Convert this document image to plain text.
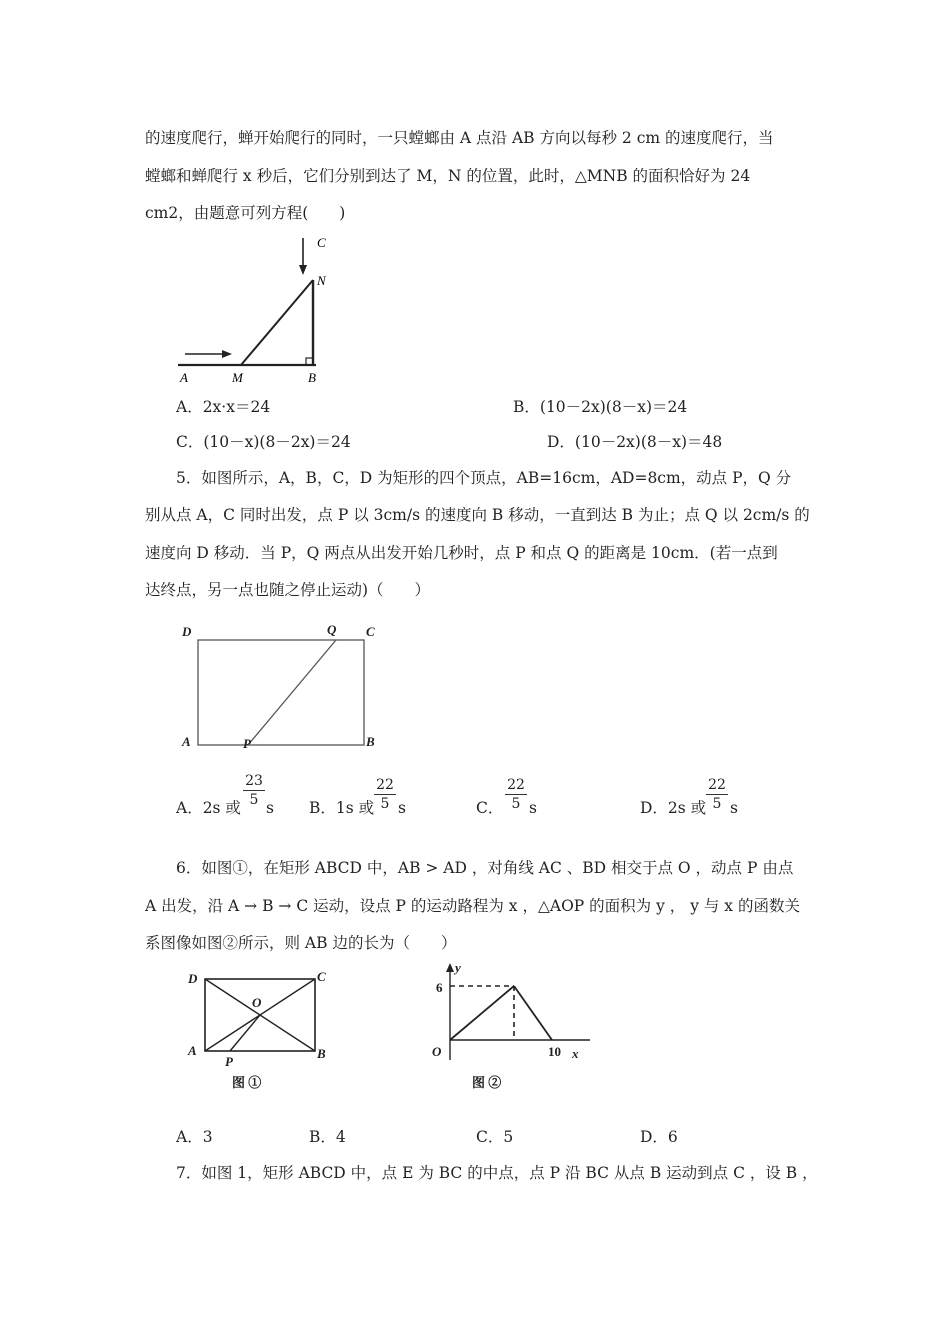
的速度爬行，蝉开始爬行的同时，一只螳螂由 A 点沿 AB 方向以每秒 2 cm 的速度爬行，当
螳螂和蝉爬行 x 秒后，它们分别到达了 M，N 的位置，此时，△MNB 的面积恰好为 24
cm2，由题意可列方程(　　)
A	M	B
N
C
A．2x·x＝24	B．(10－2x)(8－x)＝24
C．(10－x)(8－2x)＝24	D．(10－2x)(8－x)＝48
5．如图所示，A，B，C，D 为矩形的四个顶点，AB=16cm，AD=8cm，动点 P，Q 分
别从点 A，C 同时出发，点 P 以 3cm/s 的速度向 B 移动，一直到达 B 为止；点 Q 以 2cm/s 的
速度向 D 移动．当 P，Q 两点从出发开始几秒时，点 P 和点 Q 的距离是 10cm．(若一点到
达终点，另一点也随之停止运动)（　　）
D	Q C
A	P	B
A．2s 或 $\frac{23}{5}$ s B．1s 或 $\frac{22}{5}$ s	C． $\frac{22}{5}$ s	D．2s 或 $\frac{22}{5}$ s
6．如图①，在矩形 ABCD 中，AB > AD ，对角线 AC 、BD 相交于点 O ，动点 P 由点
A 出发，沿 A → B → C 运动，设点 P 的运动路程为 x ，△AOP 的面积为 y ， y 与 x 的函数关
系图像如图②所示，则 AB 边的长为（　　）
D	C
O
A
P
B
图 ①
y
6
O	10 x
图 ②
A．3	B．4	C．5	D．6
7．如图 1，矩形 ABCD 中，点 E 为 BC 的中点，点 P 沿 BC 从点 B 运动到点 C ，设 B ，
